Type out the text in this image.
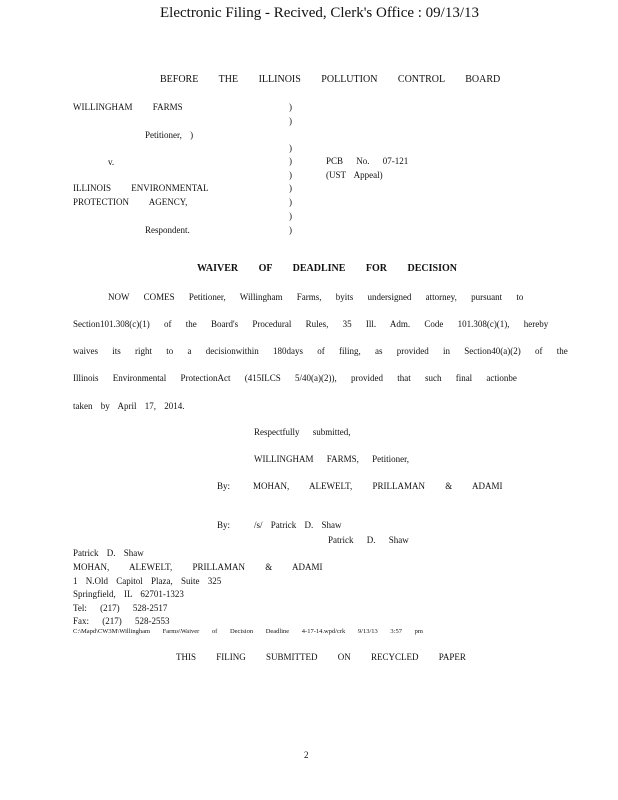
Electronic Filing - Recived, Clerk's Office : 09/13/13
BEFORE THE ILLINOIS POLLUTION CONTROL BOARD
WILLINGHAM FARMS
Petitioner, )
v.
ILLINOIS ENVIRONMENTAL
PROTECTION AGENCY,
Respondent.
)
)
)
)
)
)
)
)
)
PCB No. 07-121
(UST Appeal)
WAIVER OF DEADLINE FOR DECISION
NOW COMES Petitioner, Willingham Farms, byits undersigned attorney, pursuant to
Section101.308(c)(1) of the Board's Procedural Rules, 35 Ill. Adm. Code 101.308(c)(1), hereby
waives its right to a decisionwithin 180days of filing, as provided in Section40(a)(2) of the
Illinois Environmental ProtectionAct (415ILCS 5/40(a)(2)), provided that such final actionbe
taken by April 17, 2014.
Respectfully submitted,
WILLINGHAM FARMS, Petitioner,
By:	MOHAN, ALEWELT, PRILLAMAN & ADAMI
By:	/s/ Patrick D. Shaw
Patrick D. Shaw
Patrick D. Shaw
MOHAN, ALEWELT, PRILLAMAN & ADAMI
1 N.Old Capitol Plaza, Suite 325
Springfield, IL 62701-1323
Tel: (217) 528-2517
Fax: (217) 528-2553
C:\Mapd\CW3M\Willingham Farms\Waiver of Decision Deadline 4-17-14.wpd/crk 9/13/13 3:57 pm
THIS FILING SUBMITTED ON RECYCLED PAPER
2
